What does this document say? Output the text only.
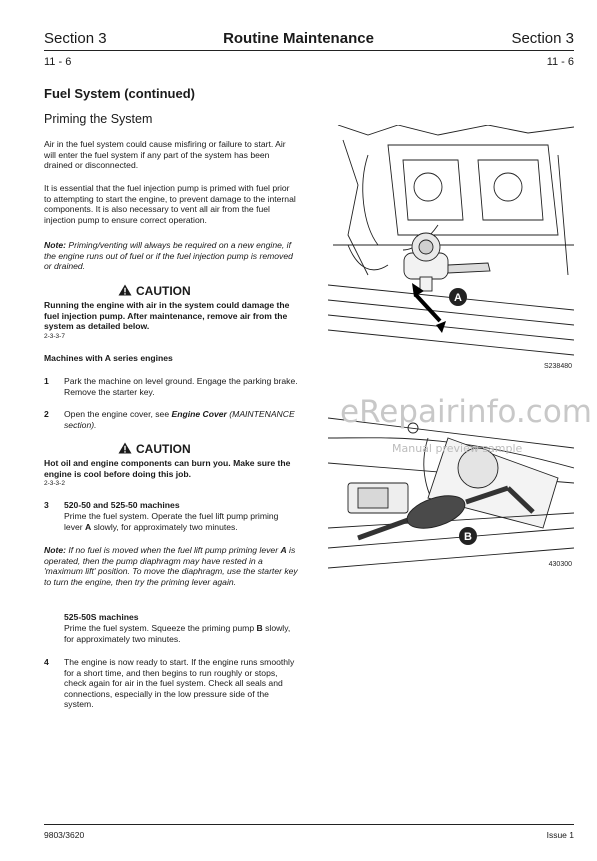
Section 3	Routine Maintenance	Section 3
11 - 6	11 - 6
Fuel System (continued)
Priming the System
Air in the fuel system could cause misfiring or failure to start. Air will enter the fuel system if any part of the system has been drained or disconnected.
It is essential that the fuel injection pump is primed with fuel prior to attempting to start the engine, to prevent damage to the internal components. It is also necessary to vent all air from the fuel injection pump to ensure correct operation.
Note: Priming/venting will always be required on a new engine, if the engine runs out of fuel or if the fuel injection pump is removed or drained.
CAUTION
Running the engine with air in the system could damage the fuel injection pump. After maintenance, remove air from the system as detailed below.
2-3-3-7
Machines with A series engines
1 Park the machine on level ground. Engage the parking brake. Remove the starter key.
2 Open the engine cover, see Engine Cover (MAINTENANCE section).
CAUTION
Hot oil and engine components can burn you. Make sure the engine is cool before doing this job.
2-3-3-2
3 520-50 and 525-50 machines
Prime the fuel system. Operate the fuel lift pump priming lever A slowly, for approximately two minutes.
Note: If no fuel is moved when the fuel lift pump priming lever A is operated, then the pump diaphragm may have rested in a 'maximum lift' position. To move the diaphragm, use the starter key to turn the engine, then try the priming lever again.
525-50S machines
Prime the fuel system. Squeeze the priming pump B slowly, for approximately two minutes.
4 The engine is now ready to start. If the engine runs smoothly for a short time, and then begins to run roughly or stops, check again for air in the fuel system. Check all seals and connections, especially in the low pressure side of the system.
A
S238480
B
430300
eRepairinfo.com
Manual preview sample
9803/3620	Issue 1
